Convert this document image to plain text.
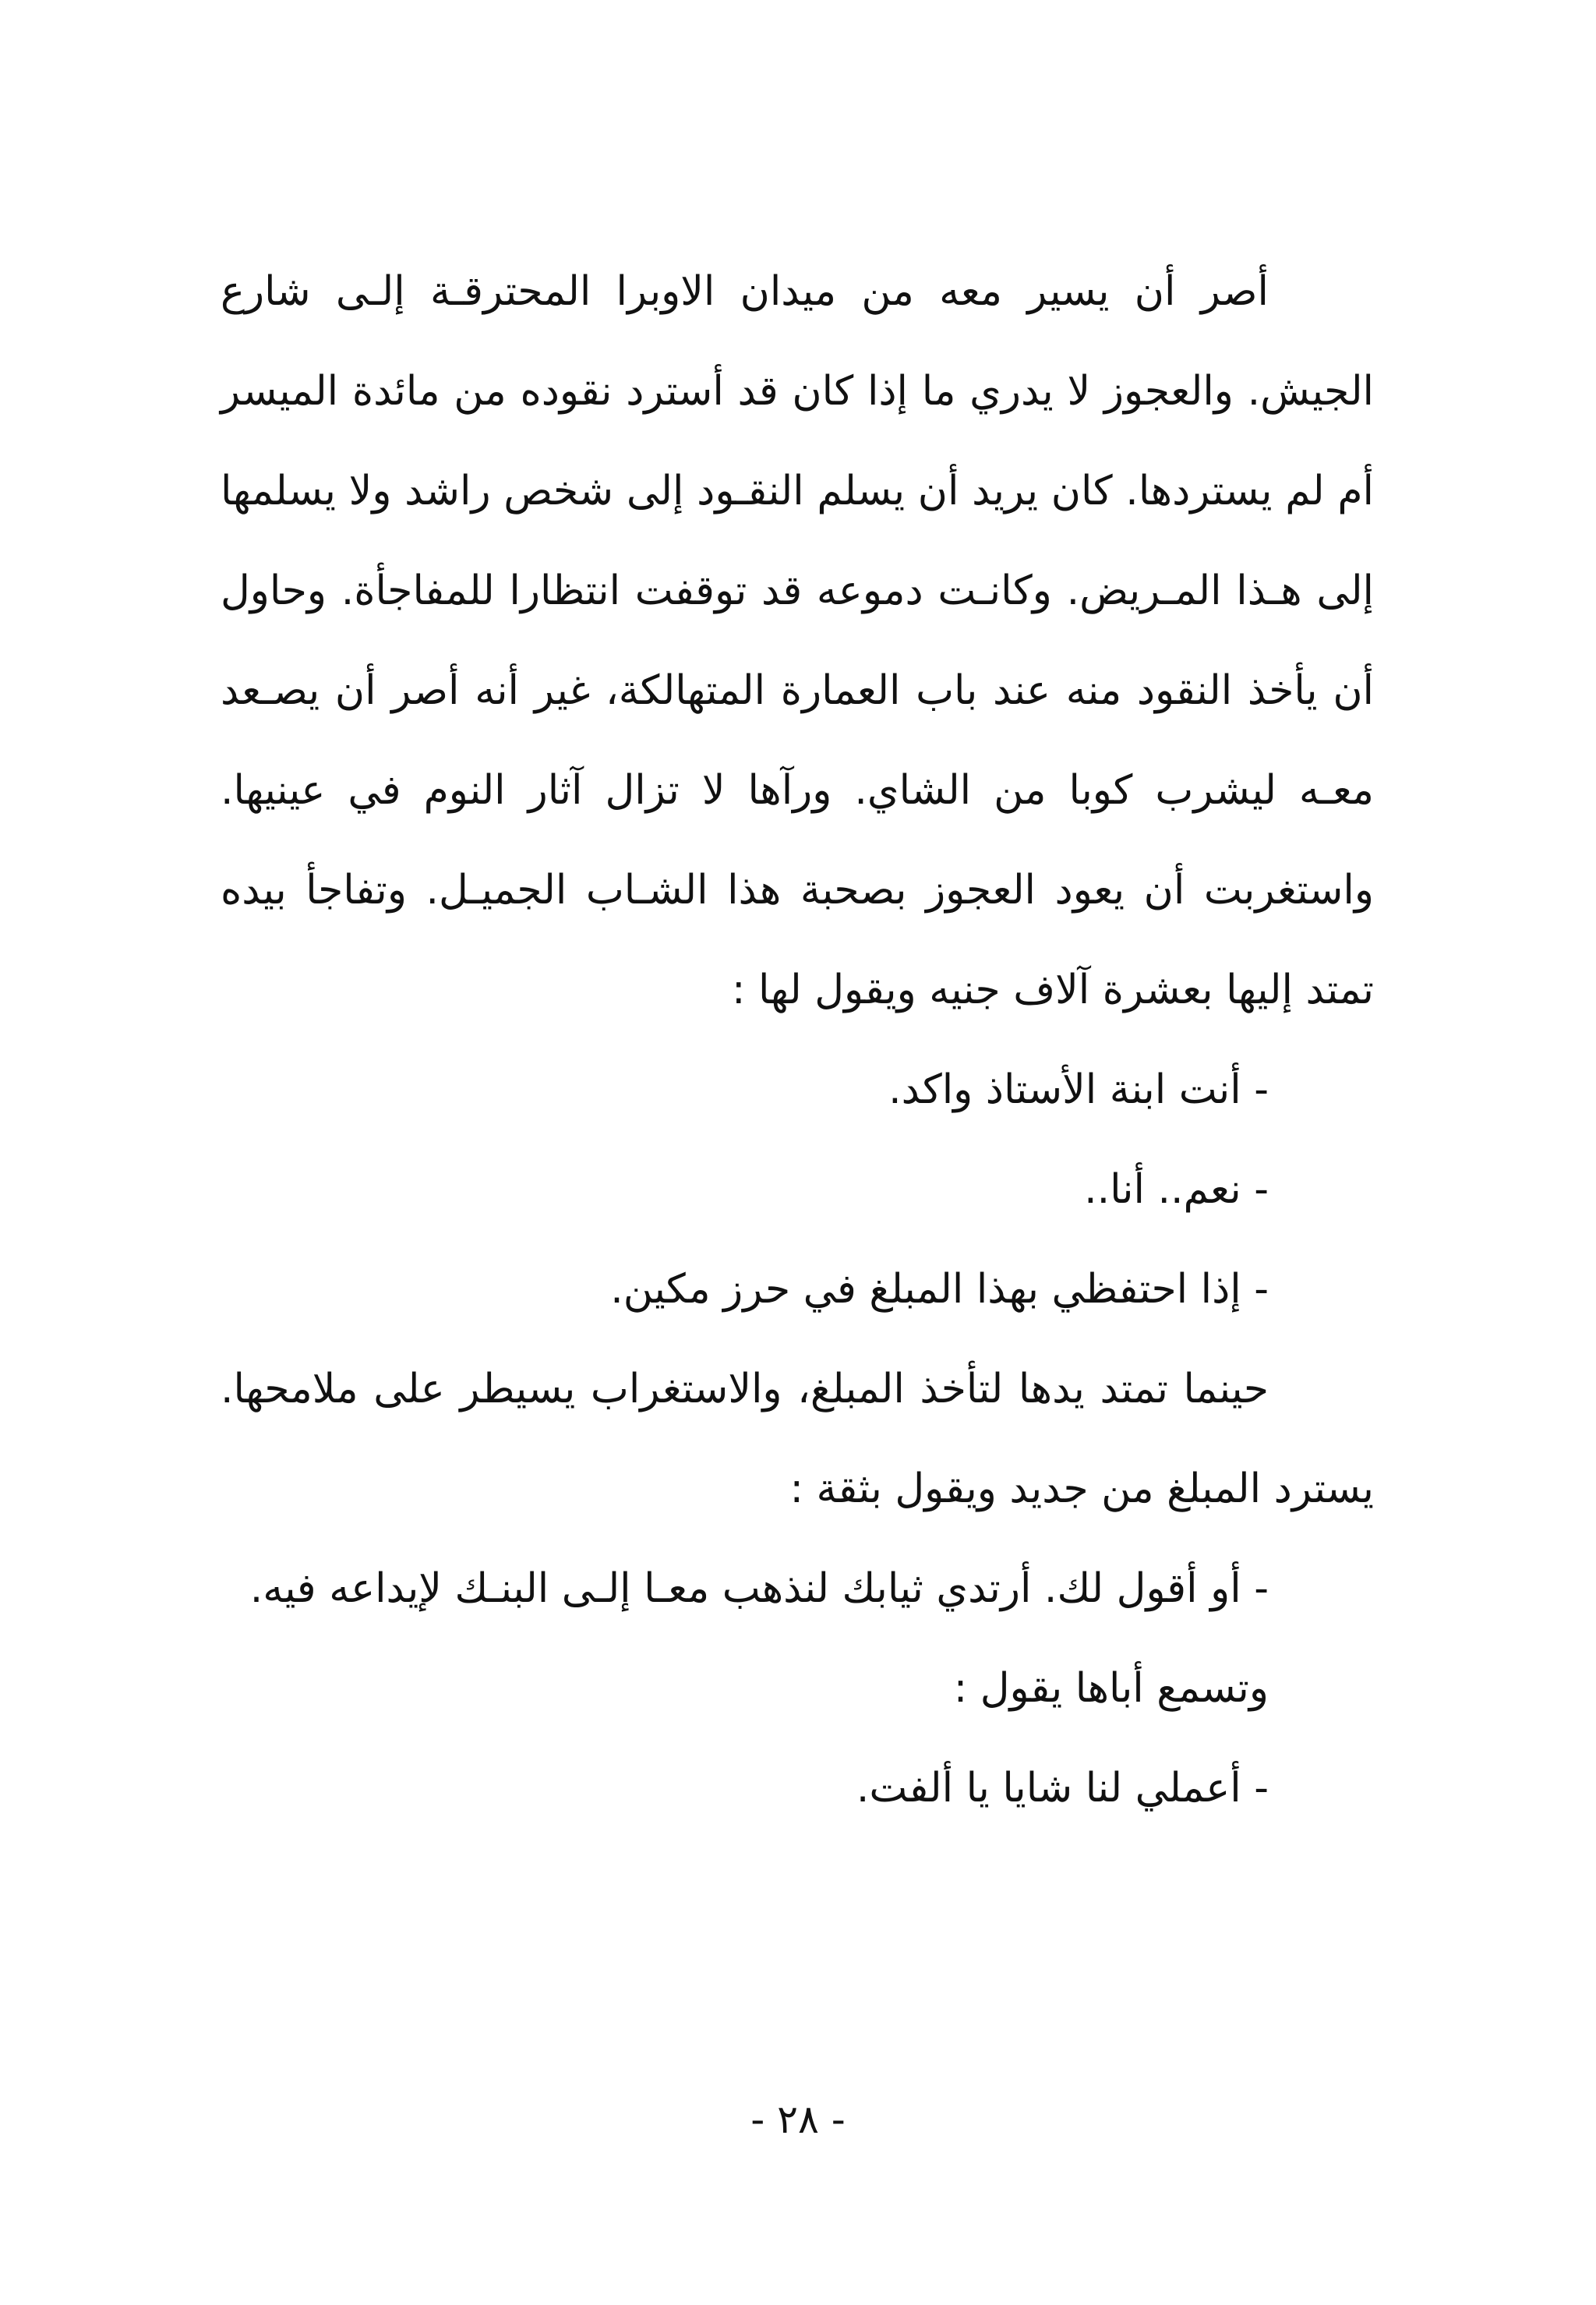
أصر أن يسير معه من ميدان الاوبرا المحترقـة إلـى شارع الجيش. والعجوز لا يدري ما إذا كان قد أسترد نقوده من مائدة الميسر أم لم يستردها. كان يريد أن يسلم النقـود إلى شخص راشد ولا يسلمها إلى هـذا المـريض. وكانـت دموعه قد توقفت انتظارا للمفاجأة. وحاول أن يأخذ النقود منه عند باب العمارة المتهالكة، غير أنه أصر أن يصـعد معـه ليشرب كوبا من الشاي. ورآها لا تزال آثار النوم في عينيها. واستغربت أن يعود العجوز بصحبة هذا الشـاب الجميـل. وتفاجأ بيده تمتد إليها بعشرة آلاف جنيه ويقول لها :

- أنت ابنة الأستاذ واكد.

- نعم.. أنا..

- إذا احتفظي بهذا المبلغ في حرز مكين.

حينما تمتد يدها لتأخذ المبلغ، والاستغراب يسيطر على ملامحها. يسترد المبلغ من جديد ويقول بثقة :

- أو أقول لك. أرتدي ثيابك لنذهب معـا إلـى البنـك لإيداعه فيه.

وتسمع أباها يقول :

- أعملي لنا شايا يا ألفت.

- ٢٨ -
